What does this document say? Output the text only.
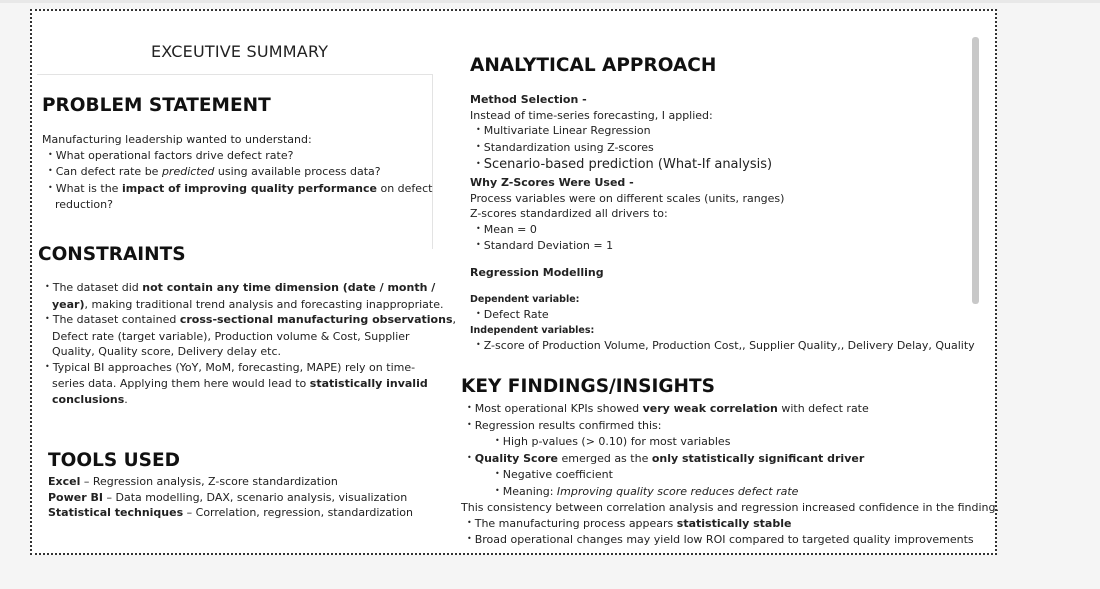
EXCEUTIVE SUMMARY
PROBLEM STATEMENT
Manufacturing leadership wanted to understand:
• What operational factors drive defect rate?
• Can defect rate be predicted using available process data?
• What is the impact of improving quality performance on defect
reduction?
CONSTRAINTS
• The dataset did not contain any time dimension (date / month /
year), making traditional trend analysis and forecasting inappropriate.
• The dataset contained cross-sectional manufacturing observations,
Defect rate (target variable), Production volume & Cost, Supplier
Quality, Quality score, Delivery delay etc.
• Typical BI approaches (YoY, MoM, forecasting, MAPE) rely on time-
series data. Applying them here would lead to statistically invalid
conclusions.
TOOLS USED
Excel – Regression analysis, Z-score standardization
Power BI – Data modelling, DAX, scenario analysis, visualization
Statistical techniques – Correlation, regression, standardization
ANALYTICAL APPROACH
Method Selection -
Instead of time-series forecasting, I applied:
• Multivariate Linear Regression
• Standardization using Z-scores
• Scenario-based prediction (What-If analysis)
Why Z-Scores Were Used -
Process variables were on different scales (units, ranges)
Z-scores standardized all drivers to:
• Mean = 0
• Standard Deviation = 1
Regression Modelling
Dependent variable:
• Defect Rate
Independent variables:
• Z-score of Production Volume, Production Cost,, Supplier Quality,, Delivery Delay, Quality
KEY FINDINGS/INSIGHTS
• Most operational KPIs showed very weak correlation with defect rate
• Regression results confirmed this:
• High p-values (> 0.10) for most variables
• Quality Score emerged as the only statistically significant driver
• Negative coefficient
• Meaning: Improving quality score reduces defect rate
This consistency between correlation analysis and regression increased confidence in the finding.
• The manufacturing process appears statistically stable
• Broad operational changes may yield low ROI compared to targeted quality improvements
